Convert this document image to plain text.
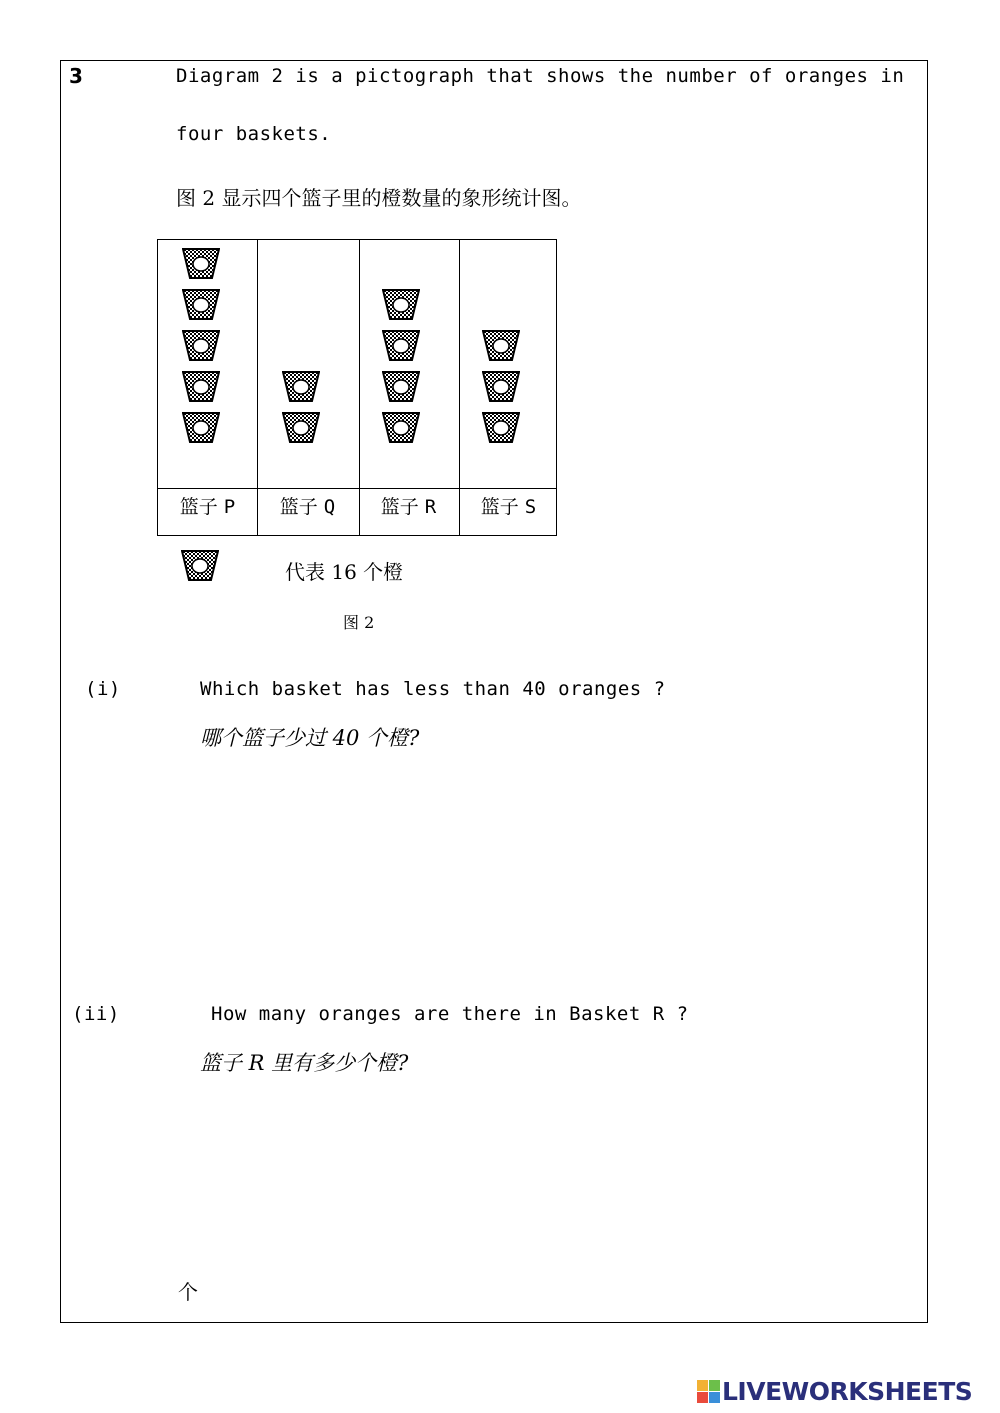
3	Diagram 2 is a pictograph that shows the number of oranges in
four baskets.
图 2 显示四个篮子里的橙数量的象形统计图。
篮子 P	篮子 Q	篮子 R	篮子 S
代表 16 个橙
图 2
(i)	Which basket has less than 40 oranges ?
哪个篮子少过 40 个橙?
(ii)	How many oranges are there in Basket R ?
篮子 R 里有多少个橙?
个
LIVEWORKSHEETS
